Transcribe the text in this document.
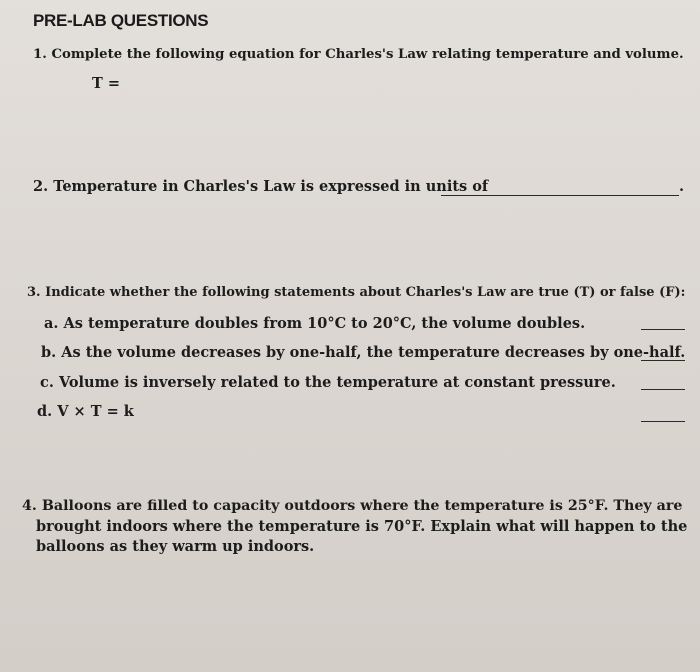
PRE-LAB QUESTIONS
1. Complete the following equation for Charles's Law relating temperature and volume.
T =
2. Temperature in Charles's Law is expressed in units of	.
3. Indicate whether the following statements about Charles's Law are true (T) or false (F):
a. As temperature doubles from 10°C to 20°C, the volume doubles.
b. As the volume decreases by one-half, the temperature decreases by one-half.
c. Volume is inversely related to the temperature at constant pressure.
d. V × T = k
4. Balloons are filled to capacity outdoors where the temperature is 25°F. They are
brought indoors where the temperature is 70°F. Explain what will happen to the
balloons as they warm up indoors.
